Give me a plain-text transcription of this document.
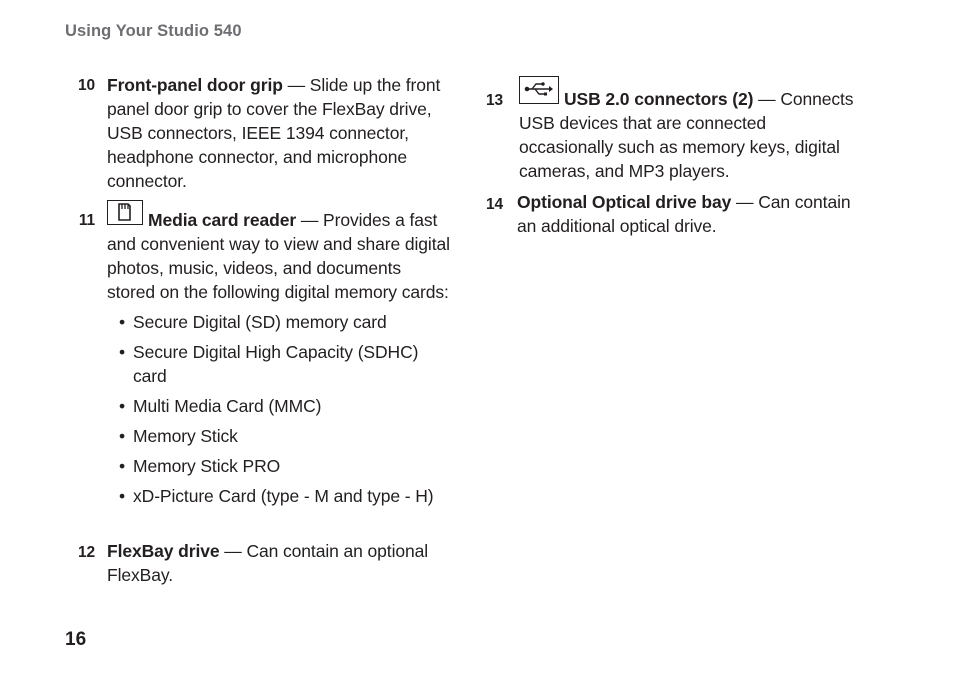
Using Your Studio 540
10 Front-panel door grip — Slide up the front panel door grip to cover the FlexBay drive, USB connectors, IEEE 1394 connector, headphone connector, and microphone connector.
11	Media card reader — Provides a fast and convenient way to view and share digital photos, music, videos, and documents stored on the following digital memory cards:
• Secure Digital (SD) memory card
• Secure Digital High Capacity (SDHC) card
• Multi Media Card (MMC)
• Memory Stick
• Memory Stick PRO
• xD-Picture Card (type - M and type - H)
12 FlexBay drive — Can contain an optional FlexBay.
13	USB 2.0 connectors (2) — Connects USB devices that are connected occasionally such as memory keys, digital cameras, and MP3 players.
14 Optional Optical drive bay — Can contain an additional optical drive.
16
